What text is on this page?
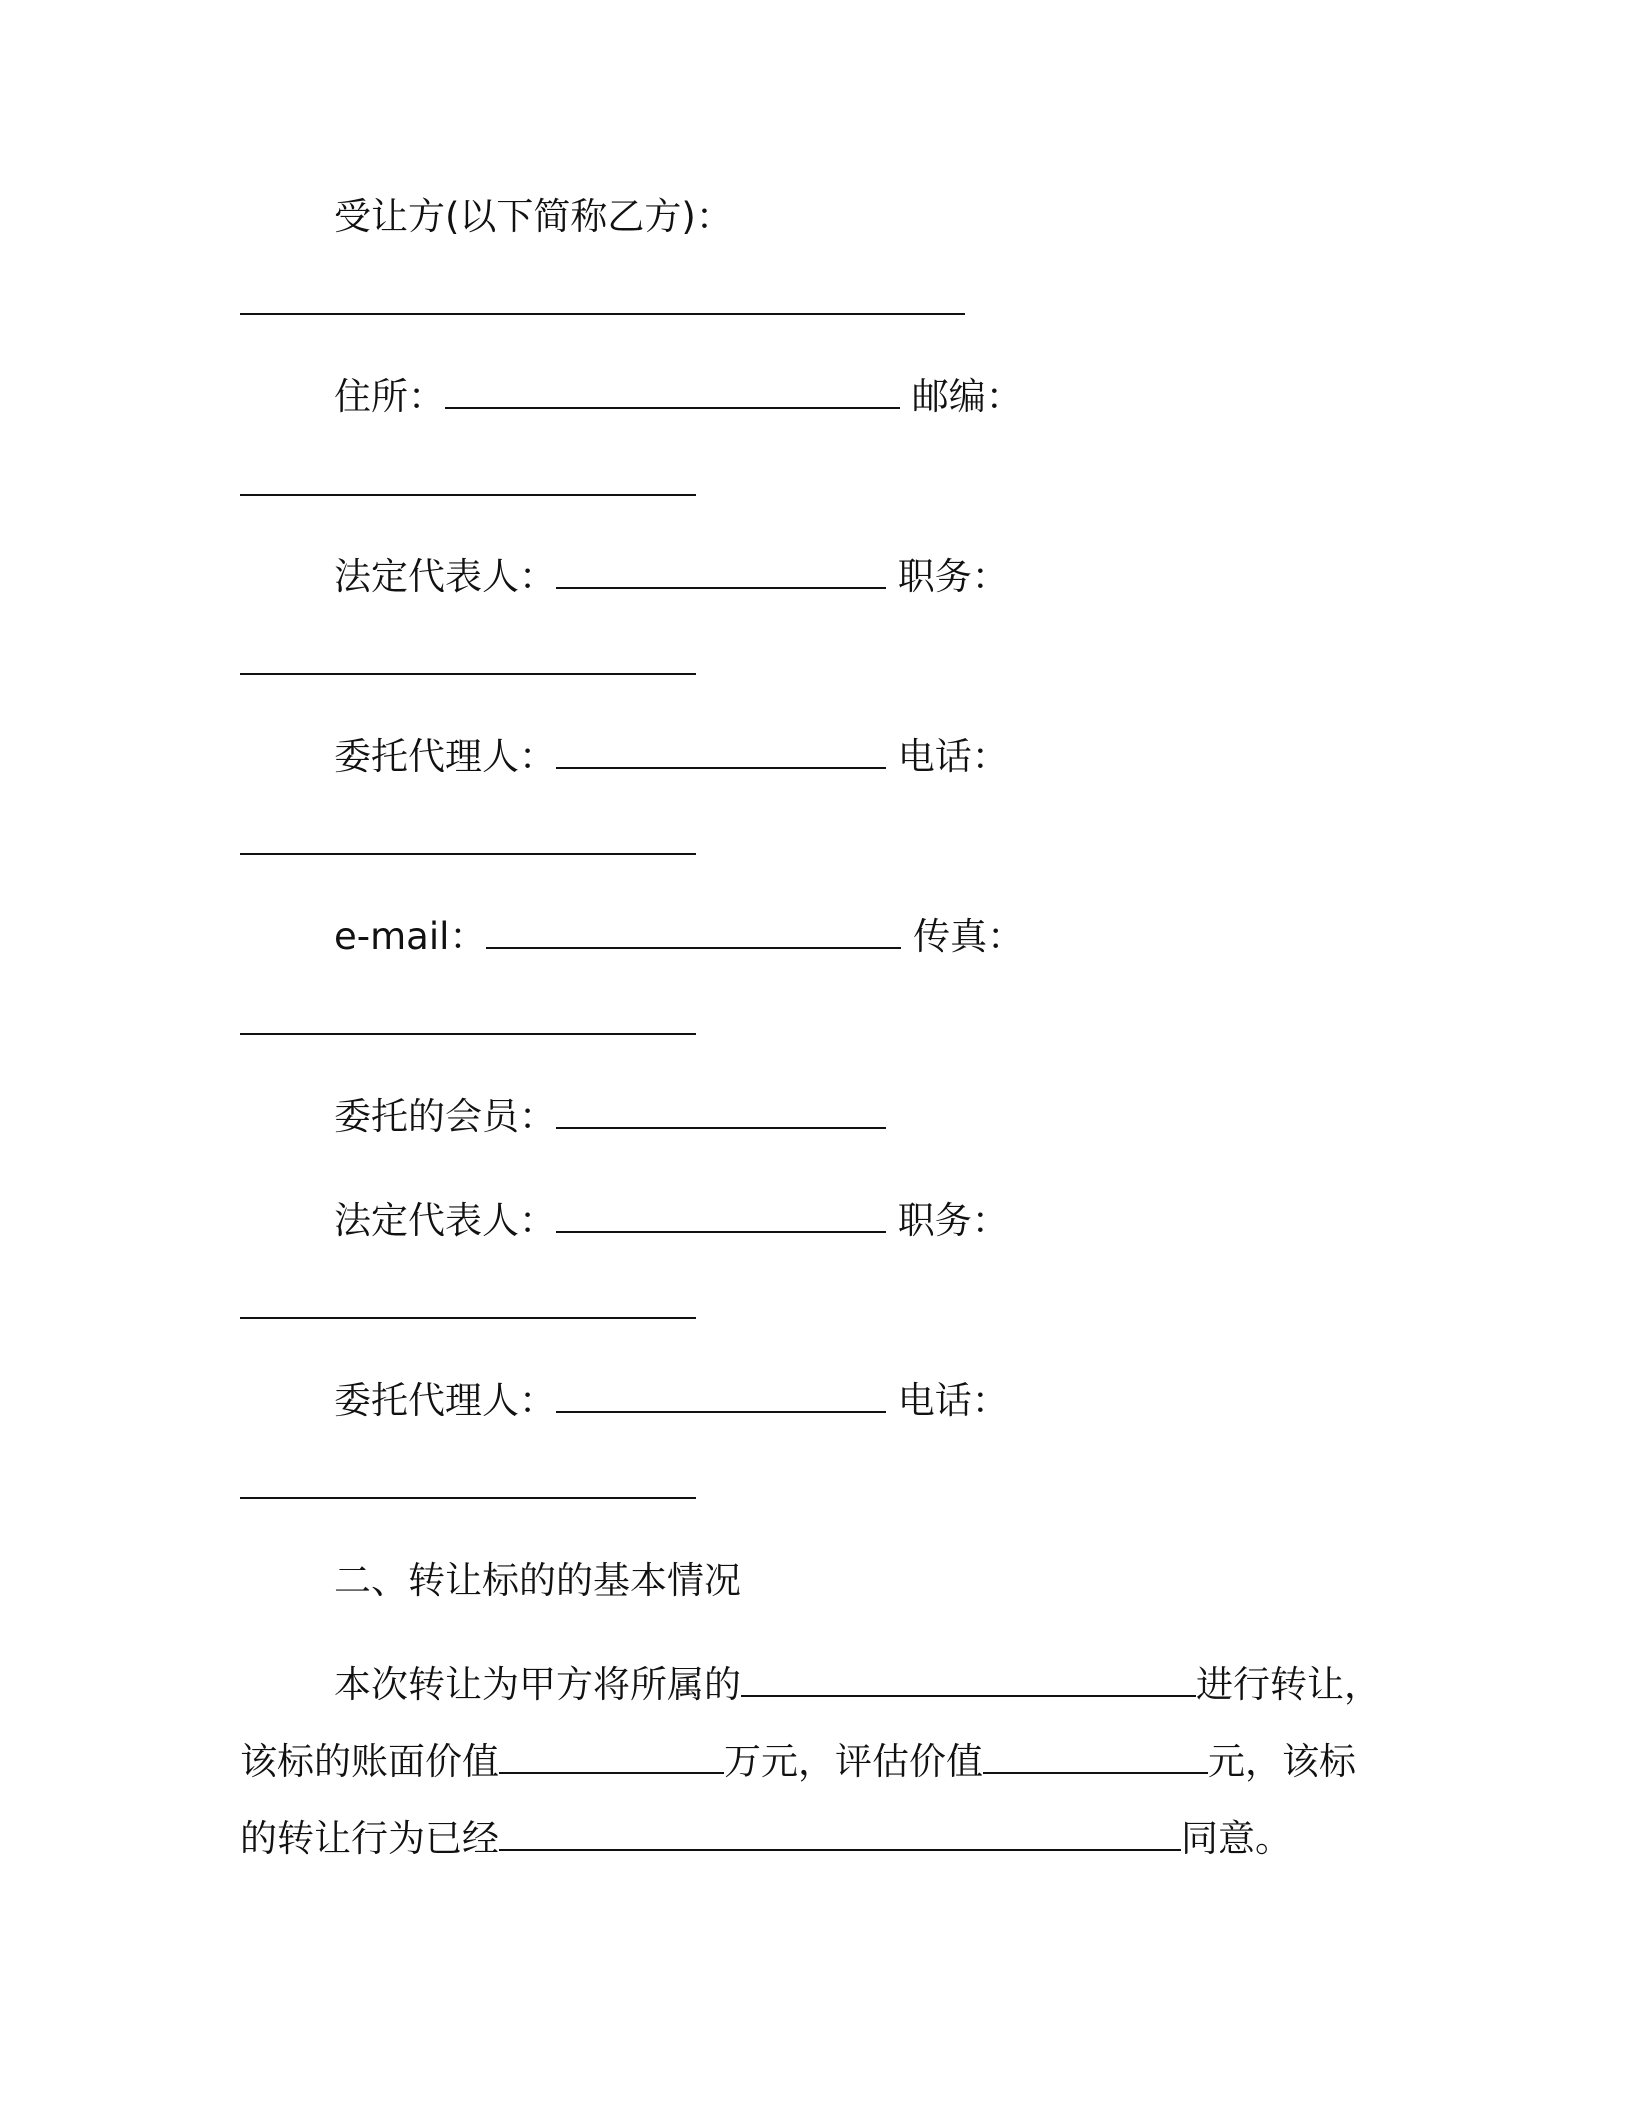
受让方(以下简称乙方)：
住所：	邮编：
法定代表人：	职务：
委托代理人：	电话：
e-mail：	传真：
委托的会员：
法定代表人：	职务：
委托代理人：	电话：
二、转让标的的基本情况
本次转让为甲方将所属的	进行转让，
该标的账面价值	万元，评估价值	元，该标
的转让行为已经	同意。
